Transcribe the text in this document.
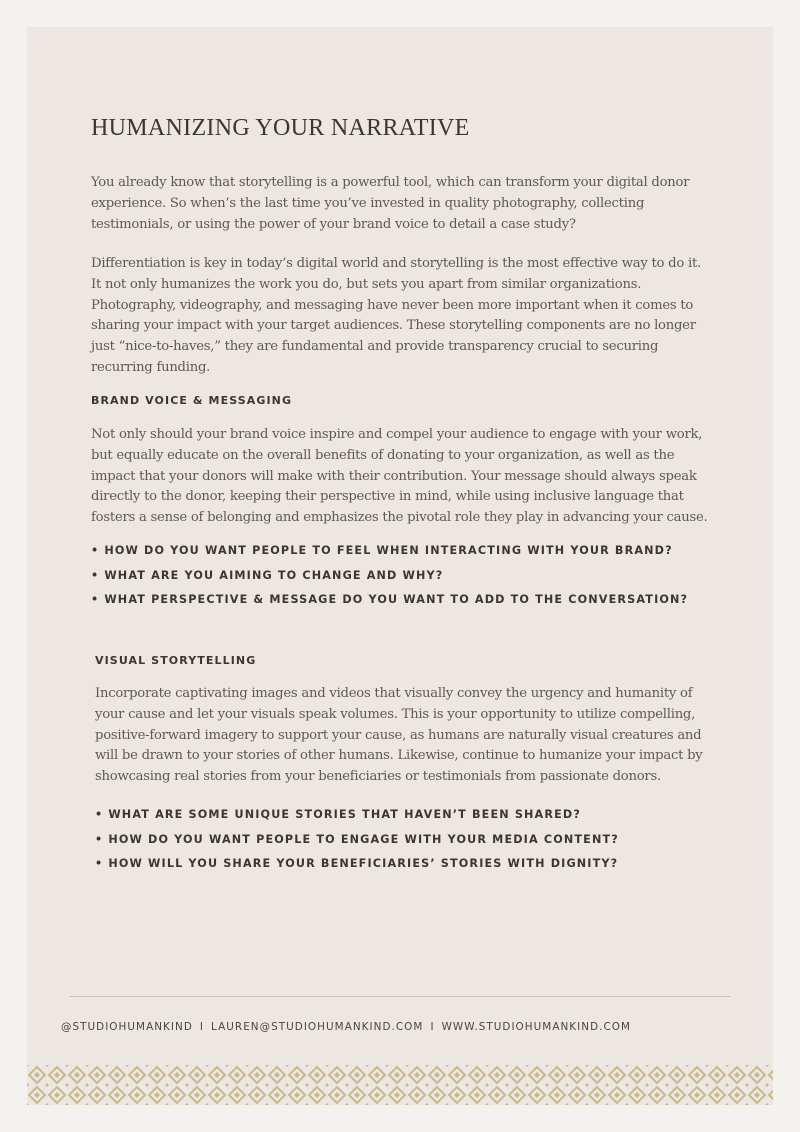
HUMANIZING YOUR NARRATIVE

You already know that storytelling is a powerful tool, which can transform your digital donor experience. So when’s the last time you’ve invested in quality photography, collecting testimonials, or using the power of your brand voice to detail a case study?

Differentiation is key in today’s digital world and storytelling is the most effective way to do it. It not only humanizes the work you do, but sets you apart from similar organizations. Photography, videography, and messaging have never been more important when it comes to sharing your impact with your target audiences. These storytelling components are no longer just “nice-to-haves,” they are fundamental and provide transparency crucial to securing recurring funding.

BRAND VOICE & MESSAGING

Not only should your brand voice inspire and compel your audience to engage with your work, but equally educate on the overall benefits of donating to your organization, as well as the impact that your donors will make with their contribution. Your message should always speak directly to the donor, keeping their perspective in mind, while using inclusive language that fosters a sense of belonging and emphasizes the pivotal role they play in advancing your cause.

• HOW DO YOU WANT PEOPLE TO FEEL WHEN INTERACTING WITH YOUR BRAND?
• WHAT ARE YOU AIMING TO CHANGE AND WHY?
• WHAT PERSPECTIVE & MESSAGE DO YOU WANT TO ADD TO THE CONVERSATION?
VISUAL STORYTELLING

Incorporate captivating images and videos that visually convey the urgency and humanity of your cause and let your visuals speak volumes. This is your opportunity to utilize compelling, positive-forward imagery to support your cause, as humans are naturally visual creatures and will be drawn to your stories of other humans. Likewise, continue to humanize your impact by showcasing real stories from your beneficiaries or testimonials from passionate donors.

• WHAT ARE SOME UNIQUE STORIES THAT HAVEN’T BEEN SHARED?
• HOW DO YOU WANT PEOPLE TO ENGAGE WITH YOUR MEDIA CONTENT?
• HOW WILL YOU SHARE YOUR BENEFICIARIES’ STORIES WITH DIGNITY?
@STUDIOHUMANKIND I LAUREN@STUDIOHUMANKIND.COM I WWW.STUDIOHUMANKIND.COM
